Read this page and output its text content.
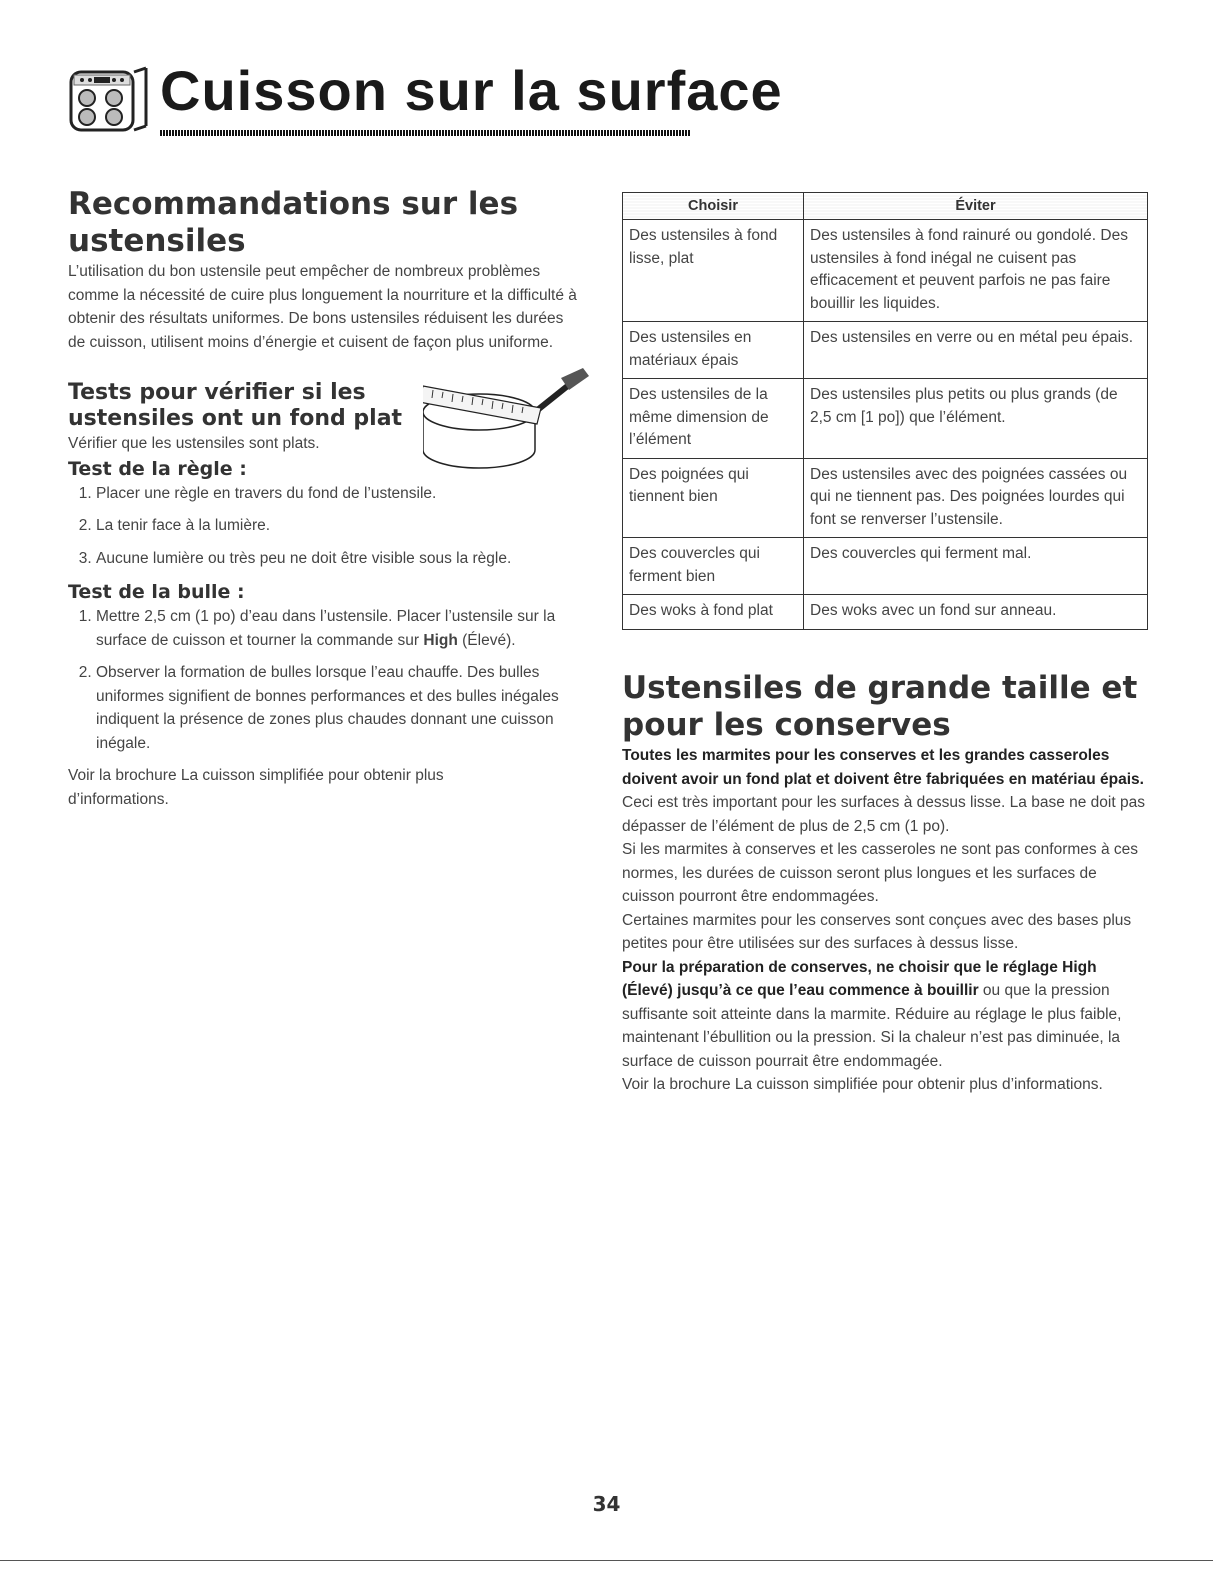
Cuisson sur la surface
Recommandations sur les ustensiles

L’utilisation du bon ustensile peut empêcher de nombreux problèmes comme la nécessité de cuire plus longuement la nourriture et la difficulté à obtenir des résultats uniformes. De bons ustensiles réduisent les durées de cuisson, utilisent moins d’énergie et cuisent de façon plus uniforme.

Tests pour vérifier si les ustensiles ont un fond plat

Vérifier que les ustensiles sont plats.

Test de la règle :
1. Placer une règle en travers du fond de l’ustensile.
2. La tenir face à la lumière.
3. Aucune lumière ou très peu ne doit être visible sous la règle.
Test de la bulle :
1. Mettre 2,5 cm (1 po) d’eau dans l’ustensile. Placer l’ustensile sur la surface de cuisson et tourner la commande sur High (Élevé).
2. Observer la formation de bulles lorsque l’eau chauffe. Des bulles uniformes signifient de bonnes performances et des bulles inégales indiquent la présence de zones plus chaudes donnant une cuisson inégale.

Voir la brochure La cuisson simplifiée pour obtenir plus d’informations.

Choisir	Éviter
Des ustensiles à fond lisse, plat	Des ustensiles à fond rainuré ou gondolé. Des ustensiles à fond inégal ne cuisent pas efficacement et peuvent parfois ne pas faire bouillir les liquides.
Des ustensiles en matériaux épais	Des ustensiles en verre ou en métal peu épais.
Des ustensiles de la même dimension de l’élément	Des ustensiles plus petits ou plus grands (de 2,5 cm [1 po]) que l’élément.
Des poignées qui tiennent bien	Des ustensiles avec des poignées cassées ou qui ne tiennent pas. Des poignées lourdes qui font se renverser l’ustensile.
Des couvercles qui ferment bien	Des couvercles qui ferment mal.
Des woks à fond plat	Des woks avec un fond sur anneau.
Ustensiles de grande taille et pour les conserves

Toutes les marmites pour les conserves et les grandes casseroles doivent avoir un fond plat et doivent être fabriquées en matériau épais. Ceci est très important pour les surfaces à dessus lisse. La base ne doit pas dépasser de l’élément de plus de 2,5 cm (1 po).

Si les marmites à conserves et les casseroles ne sont pas conformes à ces normes, les durées de cuisson seront plus longues et les surfaces de cuisson pourront être endommagées.

Certaines marmites pour les conserves sont conçues avec des bases plus petites pour être utilisées sur des surfaces à dessus lisse.

Pour la préparation de conserves, ne choisir que le réglage High (Élevé) jusqu’à ce que l’eau commence à bouillir ou que la pression suffisante soit atteinte dans la marmite. Réduire au réglage le plus faible, maintenant l’ébullition ou la pression. Si la chaleur n’est pas diminuée, la surface de cuisson pourrait être endommagée.

Voir la brochure La cuisson simplifiée pour obtenir plus d’informations.

34
